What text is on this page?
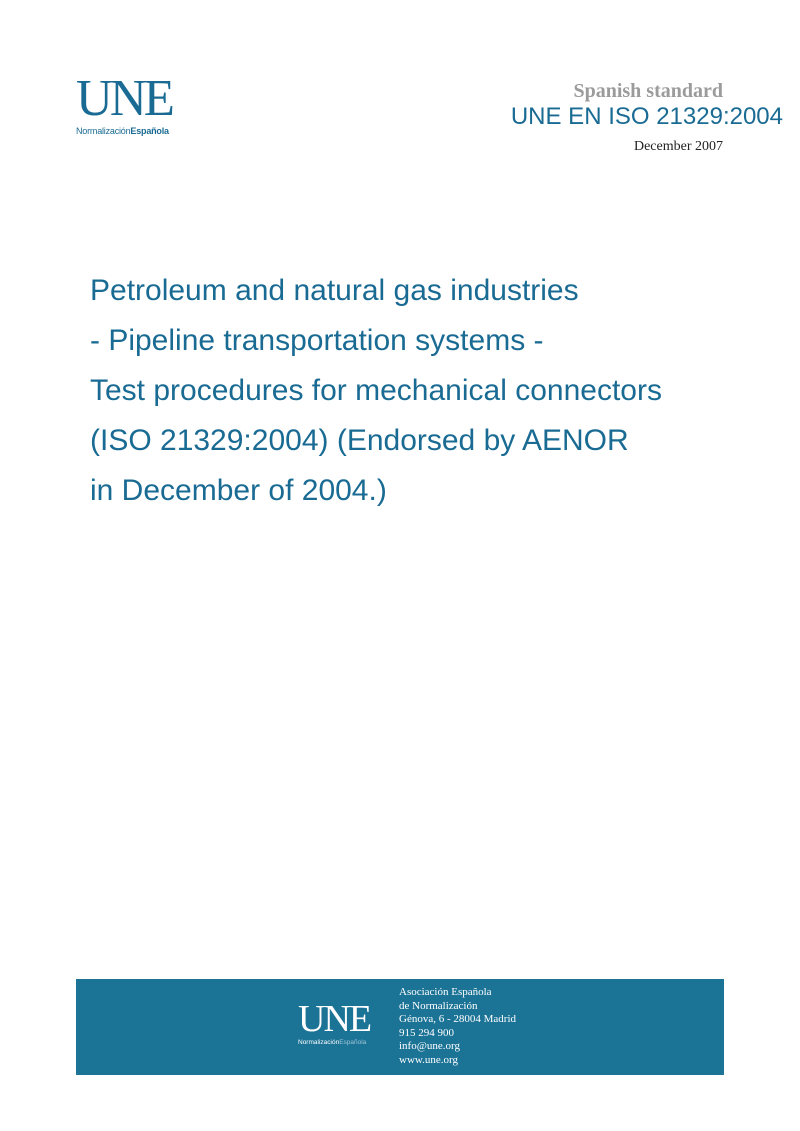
UNE
NormalizaciónEspañola
Spanish standard
UNE EN ISO 21329:2004
December 2007
Petroleum and natural gas industries
- Pipeline transportation systems -
Test procedures for mechanical connectors
(ISO 21329:2004) (Endorsed by AENOR
in December of 2004.)
UNE
NormalizaciónEspañola
Asociación Española
de Normalización
Génova, 6 - 28004 Madrid
915 294 900
info@une.org
www.une.org
